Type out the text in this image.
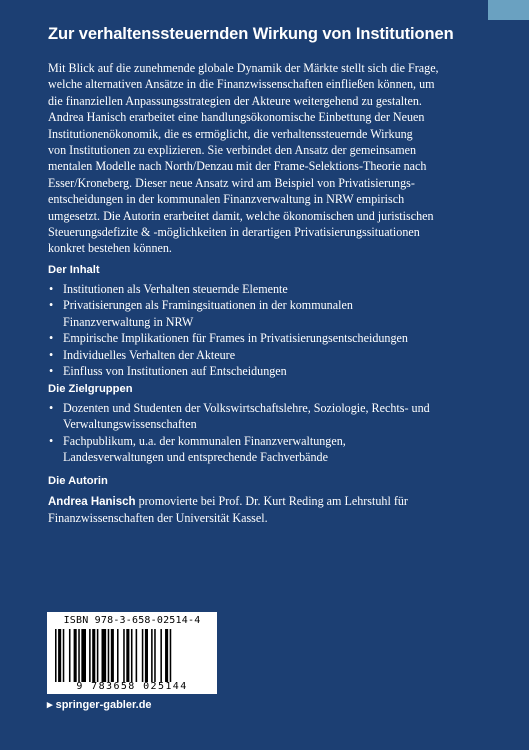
Zur verhaltenssteuernden Wirkung von Institutionen
Mit Blick auf die zunehmende globale Dynamik der Märkte stellt sich die Frage,
welche alternativen Ansätze in die Finanzwissenschaften einfließen können, um
die finanziellen Anpassungsstrategien der Akteure weitergehend zu gestalten.
Andrea Hanisch erarbeitet eine handlungsökonomische Einbettung der Neuen
Institutionenökonomik, die es ermöglicht, die verhaltenssteuernde Wirkung
von Institutionen zu explizieren. Sie verbindet den Ansatz der gemeinsamen
mentalen Modelle nach North/Denzau mit der Frame-Selektions-Theorie nach
Esser/Kroneberg. Dieser neue Ansatz wird am Beispiel von Privatisierungs-
entscheidungen in der kommunalen Finanzverwaltung in NRW empirisch
umgesetzt. Die Autorin erarbeitet damit, welche ökonomischen und juristischen
Steuerungsdefizite & -möglichkeiten in derartigen Privatisierungssituationen
konkret bestehen können.
Der Inhalt
• Institutionen als Verhalten steuernde Elemente
• Privatisierungen als Framingsituationen in der kommunalen Finanzverwaltung in NRW
• Empirische Implikationen für Frames in Privatisierungsentscheidungen
• Individuelles Verhalten der Akteure
• Einfluss von Institutionen auf Entscheidungen
Die Zielgruppen
• Dozenten und Studenten der Volkswirtschaftslehre, Soziologie, Rechts- und Verwaltungswissenschaften
• Fachpublikum, u.a. der kommunalen Finanzverwaltungen, Landesverwaltungen und entsprechende Fachverbände
Die Autorin
Andrea Hanisch promovierte bei Prof. Dr. Kurt Reding am Lehrstuhl für Finanzwissenschaften der Universität Kassel.
ISBN 978-3-658-02514-4
9 783658 025144
▸ springer-gabler.de
